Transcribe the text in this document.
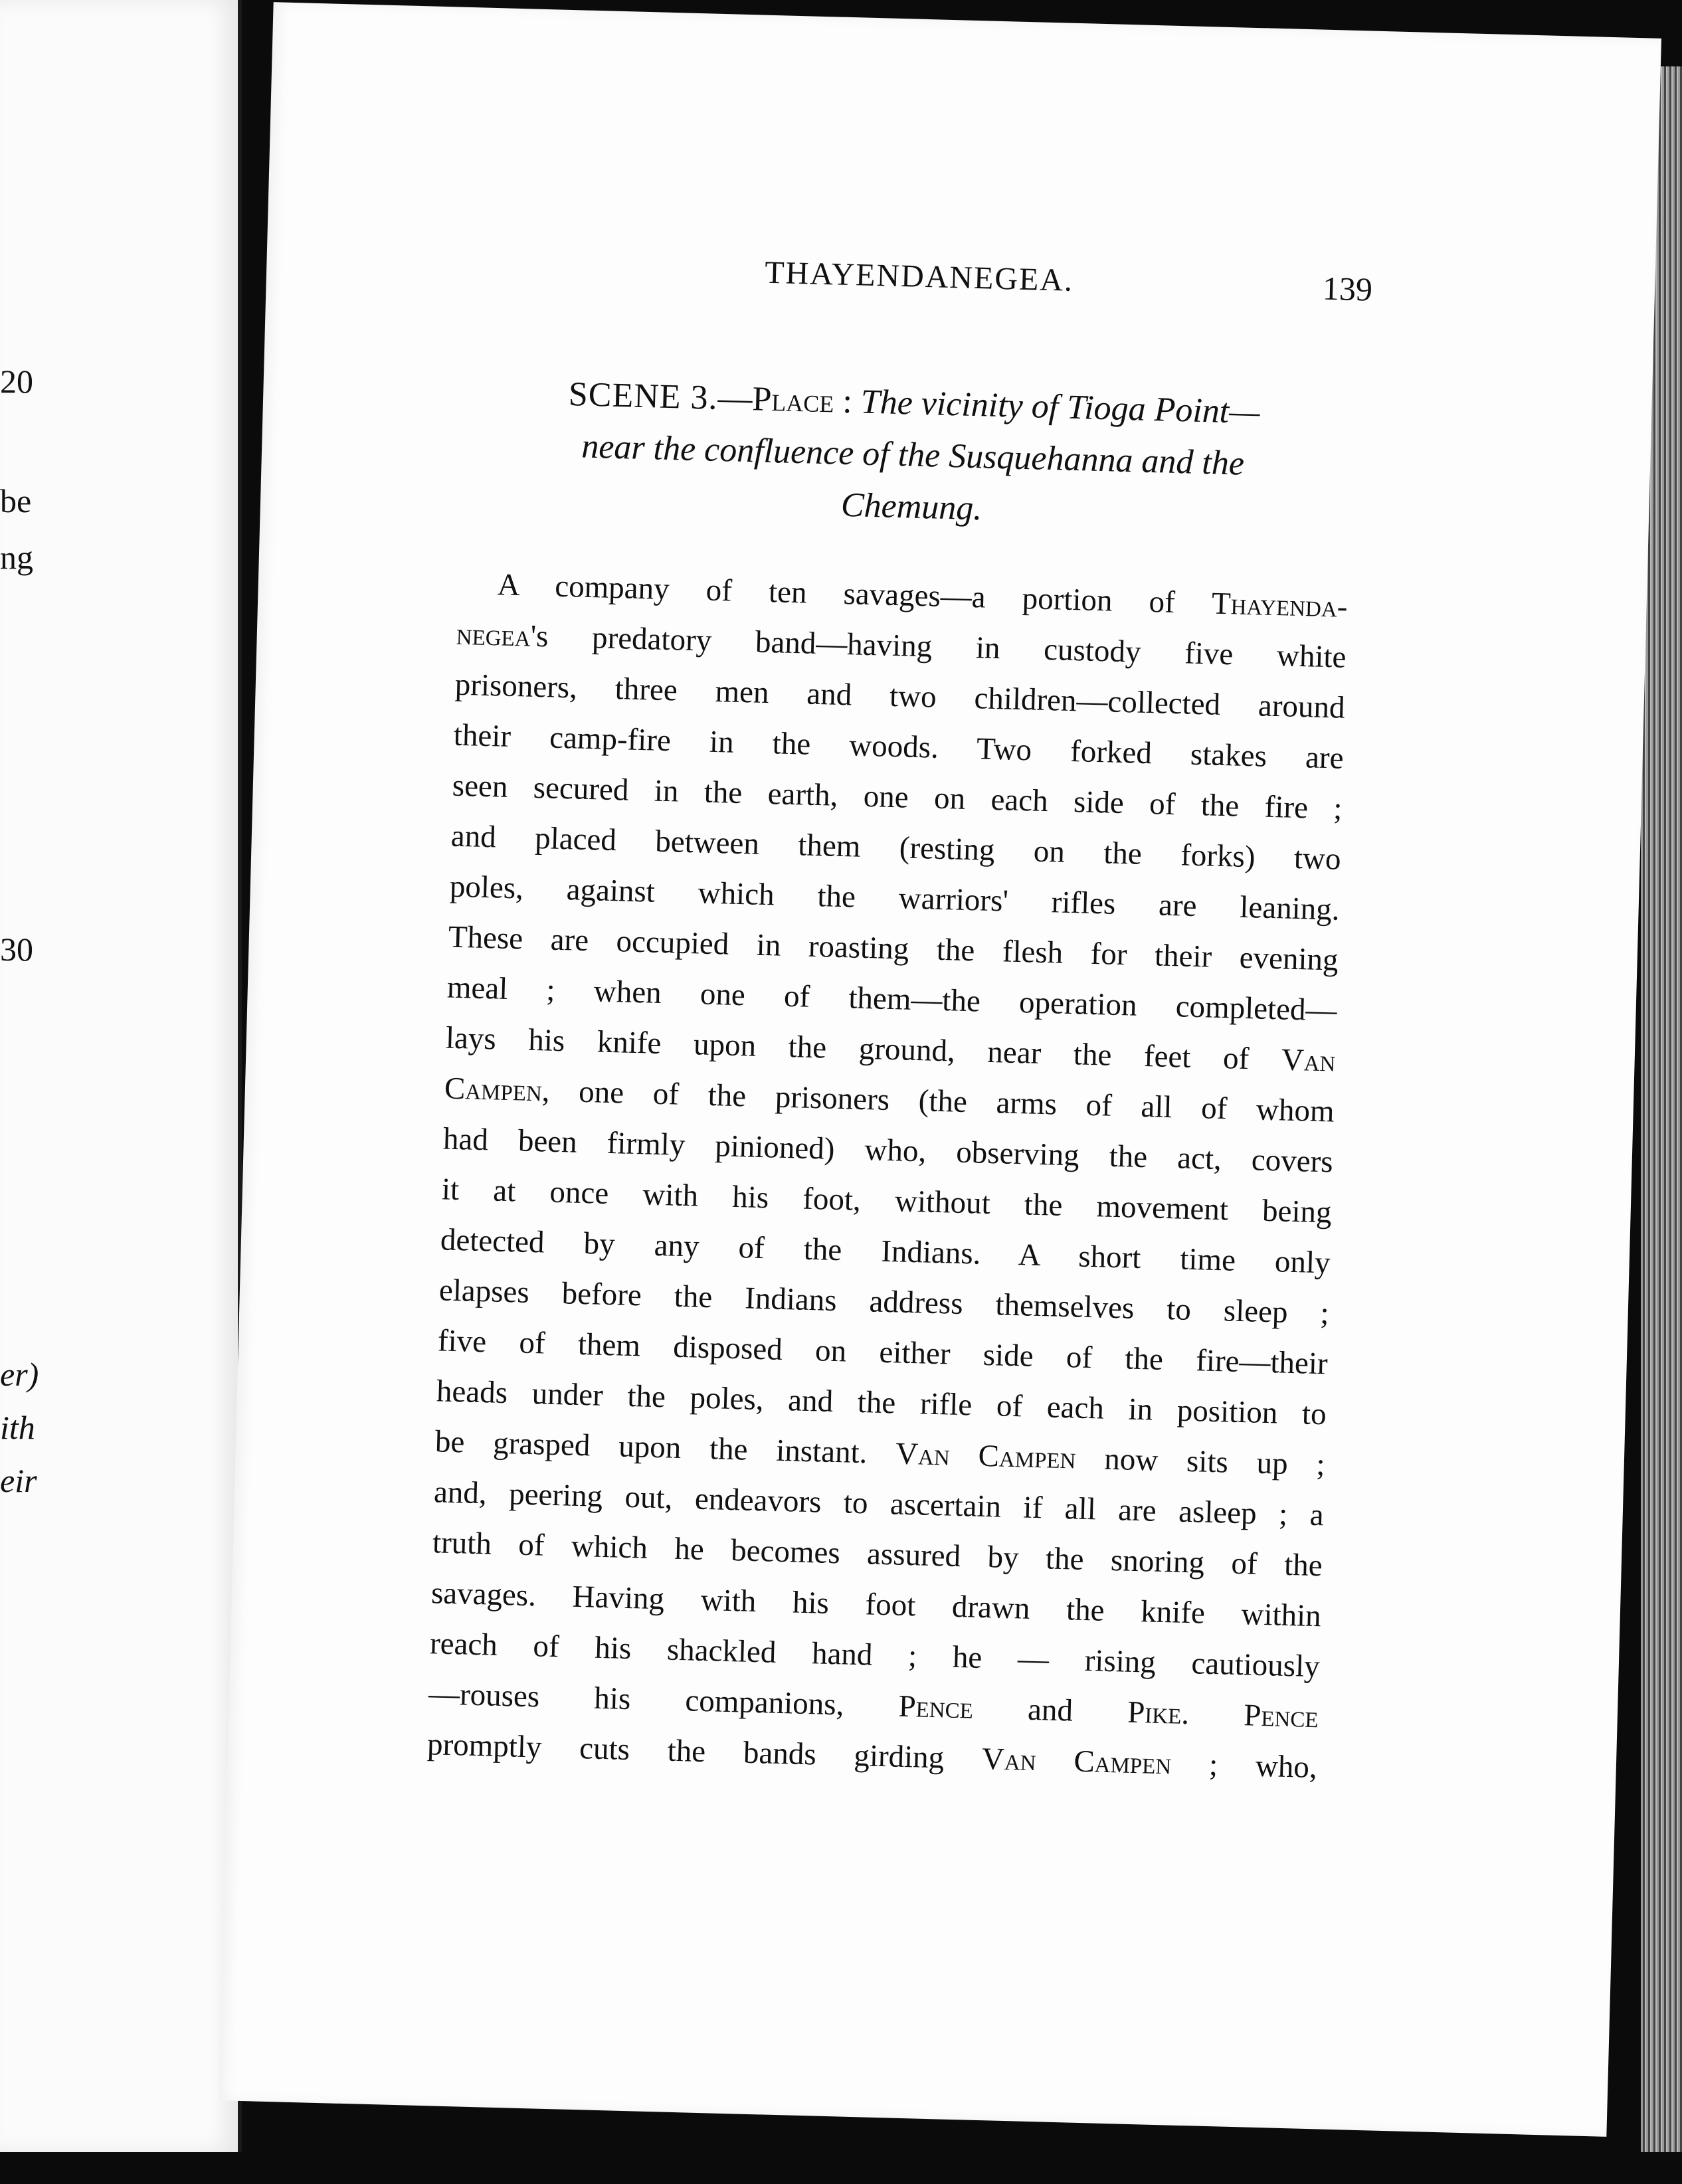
20
be
ng
30
er)
ith
eir
THAYENDANEGEA.	139
SCENE 3.—Place : The vicinity of Tioga Point—
near the confluence of the Susquehanna and the
Chemung.
A company of ten savages—a portion of Thayenda-
negea's predatory band—having in custody five white
prisoners, three men and two children—collected around
their camp-fire in the woods. Two forked stakes are
seen secured in the earth, one on each side of the fire ;
and placed between them (resting on the forks) two
poles, against which the warriors' rifles are leaning.
These are occupied in roasting the flesh for their evening
meal ; when one of them—the operation completed—
lays his knife upon the ground, near the feet of Van
Campen, one of the prisoners (the arms of all of whom
had been firmly pinioned) who, observing the act, covers
it at once with his foot, without the movement being
detected by any of the Indians. A short time only
elapses before the Indians address themselves to sleep ;
five of them disposed on either side of the fire—their
heads under the poles, and the rifle of each in position to
be grasped upon the instant. Van Campen now sits up ;
and, peering out, endeavors to ascertain if all are asleep ; a
truth of which he becomes assured by the snoring of the
savages. Having with his foot drawn the knife within
reach of his shackled hand ; he — rising cautiously
—rouses his companions, Pence and Pike. Pence
promptly cuts the bands girding Van Campen ; who,
